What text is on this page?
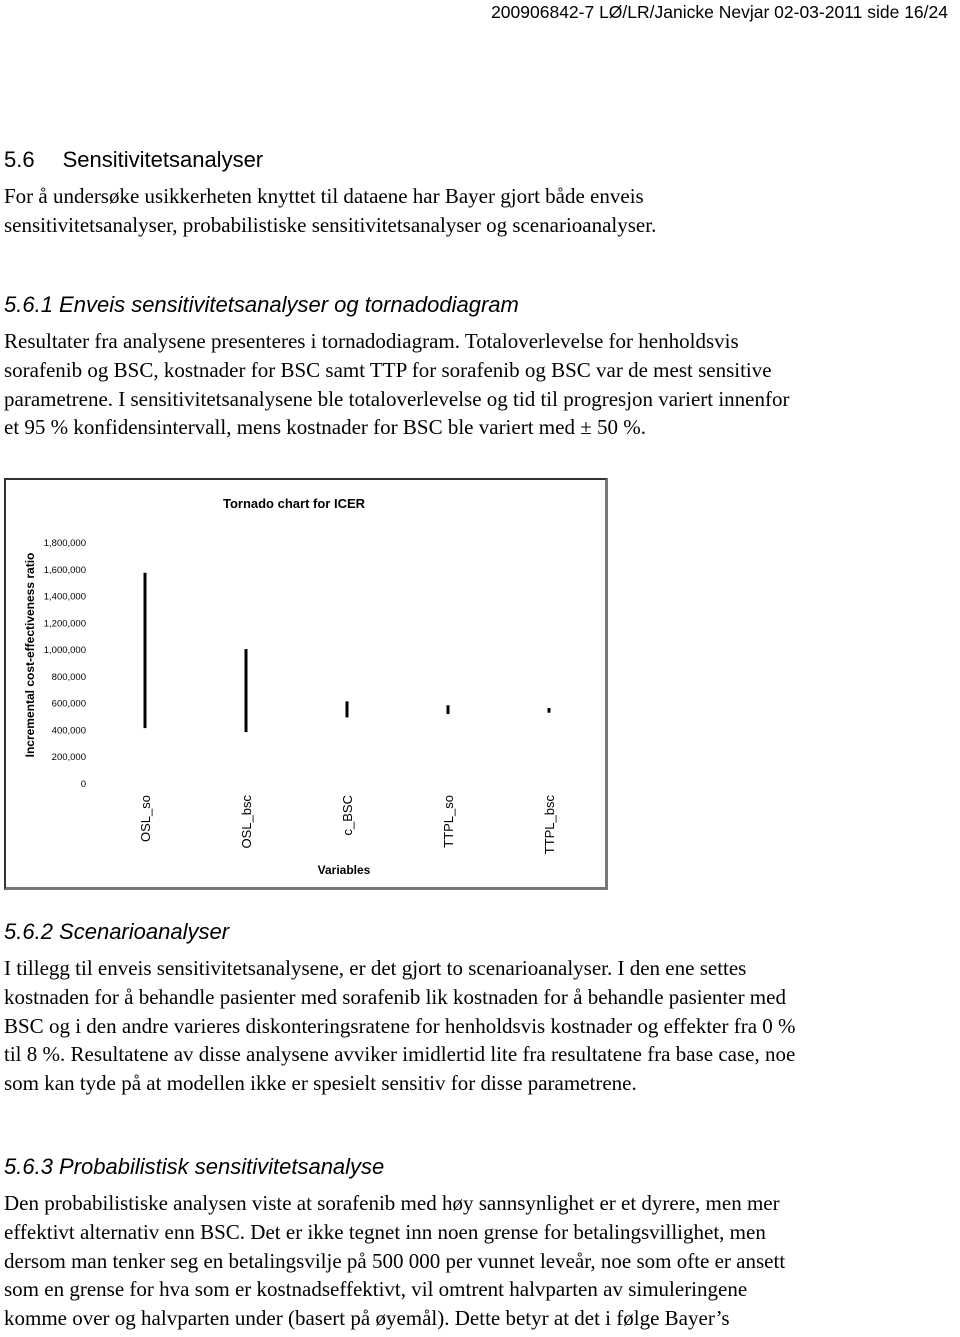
200906842-7 LØ/LR/Janicke Nevjar 02-03-2011 side 16/24
5.6 Sensitivitetsanalyser
For å undersøke usikkerheten knyttet til dataene har Bayer gjort både enveis
sensitivitetsanalyser, probabilistiske sensitivitetsanalyser og scenarioanalyser.
5.6.1 Enveis sensitivitetsanalyser og tornadodiagram
Resultater fra analysene presenteres i tornadodiagram. Totaloverlevelse for henholdsvis
sorafenib og BSC, kostnader for BSC samt TTP for sorafenib og BSC var de mest sensitive
parametrene. I sensitivitetsanalysene ble totaloverlevelse og tid til progresjon variert innenfor
et 95 % konfidensintervall, mens kostnader for BSC ble variert med ± 50 %.
Tornado chart for ICER
Incremental cost-effectiveness ratio
Variables
0
200,000
400,000
600,000
800,000
1,000,000
1,200,000
1,400,000
1,600,000
1,800,000
OSL_so	OSL_bsc	c_BSC	TTPL_so	TTPL_bsc
5.6.2 Scenarioanalyser
I tillegg til enveis sensitivitetsanalysene, er det gjort to scenarioanalyser. I den ene settes
kostnaden for å behandle pasienter med sorafenib lik kostnaden for å behandle pasienter med
BSC og i den andre varieres diskonteringsratene for henholdsvis kostnader og effekter fra 0 %
til 8 %. Resultatene av disse analysene avviker imidlertid lite fra resultatene fra base case, noe
som kan tyde på at modellen ikke er spesielt sensitiv for disse parametrene.
5.6.3 Probabilistisk sensitivitetsanalyse
Den probabilistiske analysen viste at sorafenib med høy sannsynlighet er et dyrere, men mer
effektivt alternativ enn BSC. Det er ikke tegnet inn noen grense for betalingsvillighet, men
dersom man tenker seg en betalingsvilje på 500 000 per vunnet leveår, noe som ofte er ansett
som en grense for hva som er kostnadseffektivt, vil omtrent halvparten av simuleringene
komme over og halvparten under (basert på øyemål). Dette betyr at det i følge Bayer’s
